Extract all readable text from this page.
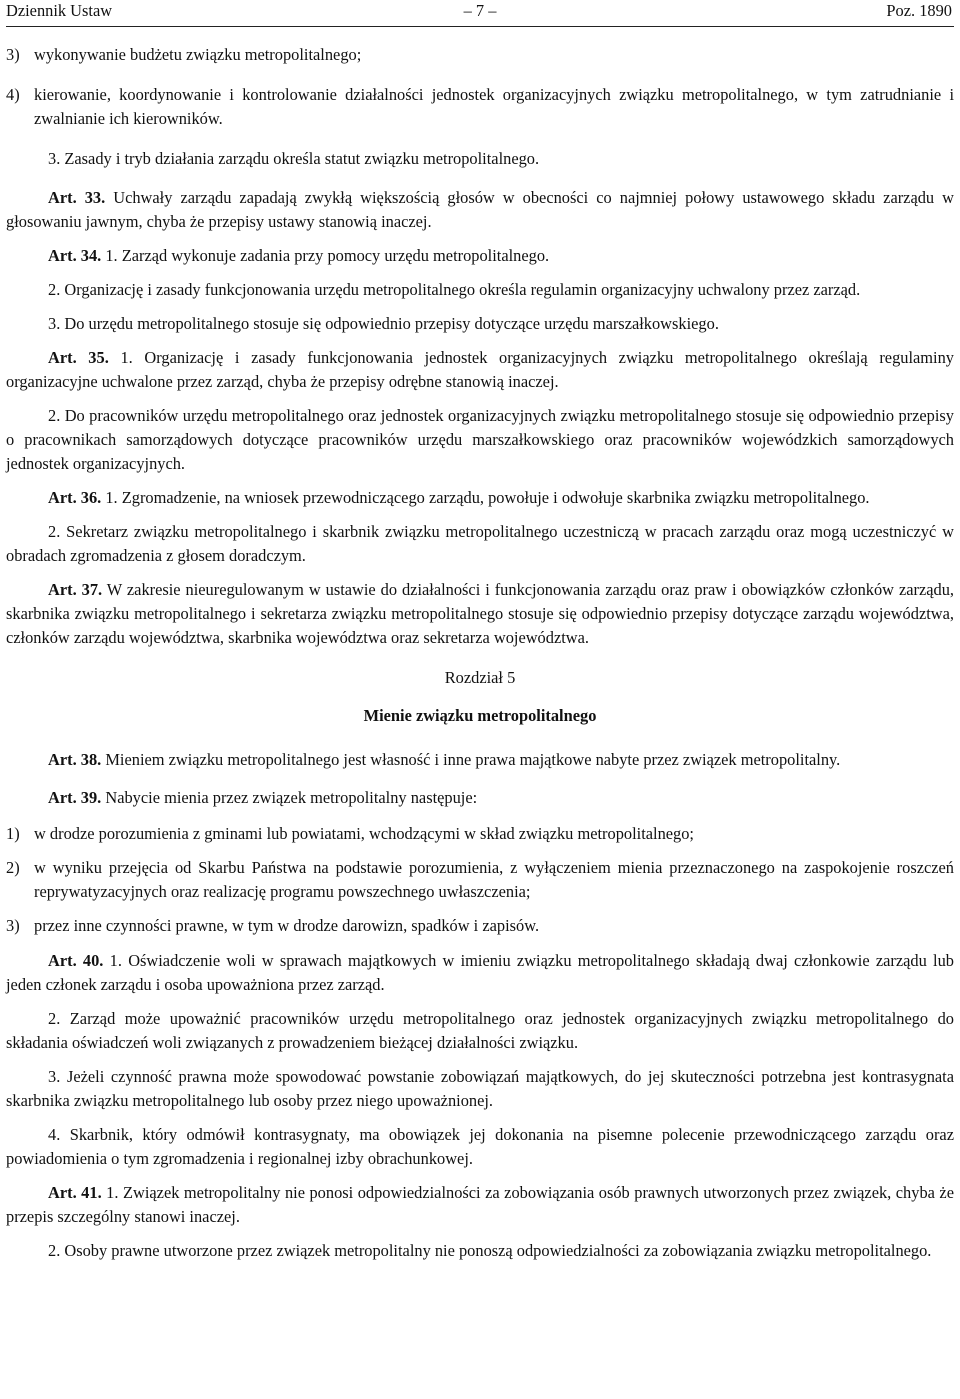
Dziennik Ustaw	– 7 –	Poz. 1890
3) wykonywanie budżetu związku metropolitalnego;
4) kierowanie, koordynowanie i kontrolowanie działalności jednostek organizacyjnych związku metropolitalnego, w tym zatrudnianie i zwalnianie ich kierowników.

3. Zasady i tryb działania zarządu określa statut związku metropolitalnego.

Art. 33. Uchwały zarządu zapadają zwykłą większością głosów w obecności co najmniej połowy ustawowego składu zarządu w głosowaniu jawnym, chyba że przepisy ustawy stanowią inaczej.

Art. 34. 1. Zarząd wykonuje zadania przy pomocy urzędu metropolitalnego.

2. Organizację i zasady funkcjonowania urzędu metropolitalnego określa regulamin organizacyjny uchwalony przez zarząd.

3. Do urzędu metropolitalnego stosuje się odpowiednio przepisy dotyczące urzędu marszałkowskiego.

Art. 35. 1. Organizację i zasady funkcjonowania jednostek organizacyjnych związku metropolitalnego określają regulaminy organizacyjne uchwalone przez zarząd, chyba że przepisy odrębne stanowią inaczej.

2. Do pracowników urzędu metropolitalnego oraz jednostek organizacyjnych związku metropolitalnego stosuje się odpowiednio przepisy o pracownikach samorządowych dotyczące pracowników urzędu marszałkowskiego oraz pracowników wojewódzkich samorządowych jednostek organizacyjnych.

Art. 36. 1. Zgromadzenie, na wniosek przewodniczącego zarządu, powołuje i odwołuje skarbnika związku metropolitalnego.

2. Sekretarz związku metropolitalnego i skarbnik związku metropolitalnego uczestniczą w pracach zarządu oraz mogą uczestniczyć w obradach zgromadzenia z głosem doradczym.

Art. 37. W zakresie nieuregulowanym w ustawie do działalności i funkcjonowania zarządu oraz praw i obowiązków członków zarządu, skarbnika związku metropolitalnego i sekretarza związku metropolitalnego stosuje się odpowiednio przepisy dotyczące zarządu województwa, członków zarządu województwa, skarbnika województwa oraz sekretarza województwa.

Rozdział 5

Mienie związku metropolitalnego

Art. 38. Mieniem związku metropolitalnego jest własność i inne prawa majątkowe nabyte przez związek metropolitalny.

Art. 39. Nabycie mienia przez związek metropolitalny następuje:

1) w drodze porozumienia z gminami lub powiatami, wchodzącymi w skład związku metropolitalnego;
2) w wyniku przejęcia od Skarbu Państwa na podstawie porozumienia, z wyłączeniem mienia przeznaczonego na zaspokojenie roszczeń reprywatyzacyjnych oraz realizację programu powszechnego uwłaszczenia;
3) przez inne czynności prawne, w tym w drodze darowizn, spadków i zapisów.

Art. 40. 1. Oświadczenie woli w sprawach majątkowych w imieniu związku metropolitalnego składają dwaj członkowie zarządu lub jeden członek zarządu i osoba upoważniona przez zarząd.

2. Zarząd może upoważnić pracowników urzędu metropolitalnego oraz jednostek organizacyjnych związku metropolitalnego do składania oświadczeń woli związanych z prowadzeniem bieżącej działalności związku.

3. Jeżeli czynność prawna może spowodować powstanie zobowiązań majątkowych, do jej skuteczności potrzebna jest kontrasygnata skarbnika związku metropolitalnego lub osoby przez niego upoważnionej.

4. Skarbnik, który odmówił kontrasygnaty, ma obowiązek jej dokonania na pisemne polecenie przewodniczącego zarządu oraz powiadomienia o tym zgromadzenia i regionalnej izby obrachunkowej.

Art. 41. 1. Związek metropolitalny nie ponosi odpowiedzialności za zobowiązania osób prawnych utworzonych przez związek, chyba że przepis szczególny stanowi inaczej.

2. Osoby prawne utworzone przez związek metropolitalny nie ponoszą odpowiedzialności za zobowiązania związku metropolitalnego.
